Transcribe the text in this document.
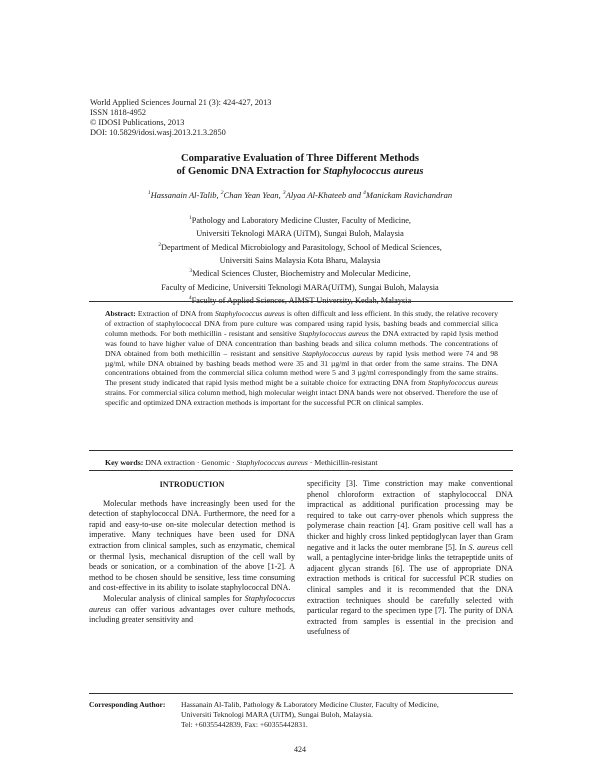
World Applied Sciences Journal 21 (3): 424-427, 2013
ISSN 1818-4952
© IDOSI Publications, 2013
DOI: 10.5829/idosi.wasj.2013.21.3.2850
Comparative Evaluation of Three Different Methods
of Genomic DNA Extraction for Staphylococcus aureus
$^1$Hassanain Al-Talib, $^2$Chan Yean Yean, $^3$Alyaa Al-Khateeb and $^4$Manickam Ravichandran
$^1$Pathology and Laboratory Medicine Cluster, Faculty of Medicine,
Universiti Teknologi MARA (UiTM), Sungai Buloh, Malaysia
$^2$Department of Medical Microbiology and Parasitology, School of Medical Sciences,
Universiti Sains Malaysia Kota Bharu, Malaysia
$^3$Medical Sciences Cluster, Biochemistry and Molecular Medicine,
Faculty of Medicine, Universiti Teknologi MARA(UiTM), Sungai Buloh, Malaysia
$^4$Faculty of Applied Sciences, AIMST University, Kedah, Malaysia
Abstract: Extraction of DNA from Staphylococcus aureus is often difficult and less efficient. In this study, the relative recovery of extraction of staphylococcal DNA from pure culture was compared using rapid lysis, bashing beads and commercial silica column methods. For both methicillin - resistant and sensitive Staphylococcus aureus the DNA extracted by rapid lysis method was found to have higher value of DNA concentration than bashing beads and silica column methods. The concentrations of DNA obtained from both methicillin – resistant and sensitive Staphylococcus aureus by rapid lysis method were 74 and 98 µg/ml, while DNA obtained by bashing beads method were 35 and 31 µg/ml in that order from the same strains. The DNA concentrations obtained from the commercial silica column method were 5 and 3 µg/ml correspondingly from the same strains. The present study indicated that rapid lysis method might be a suitable choice for extracting DNA from Staphylococcus aureus strains. For commercial silica column method, high molecular weight intact DNA bands were not observed. Therefore the use of specific and optimized DNA extraction methods is important for the successful PCR on clinical samples.
Key words: DNA extraction · Genomic · Staphylococcus aureus · Methicillin-resistant
INTRODUCTION

Molecular methods have increasingly been used for the detection of staphylococcal DNA. Furthermore, the need for a rapid and easy-to-use on-site molecular detection method is imperative. Many techniques have been used for DNA extraction from clinical samples, such as enzymatic, chemical or thermal lysis, mechanical disruption of the cell wall by beads or sonication, or a combination of the above [1-2]. A method to be chosen should be sensitive, less time consuming and cost-effective in its ability to isolate staphylococcal DNA.

Molecular analysis of clinical samples for Staphylococcus aureus can offer various advantages over culture methods, including greater sensitivity and

specificity [3]. Time constriction may make conventional phenol chloroform extraction of staphylococcal DNA impractical as additional purification processing may be required to take out carry-over phenols which suppress the polymerase chain reaction [4]. Gram positive cell wall has a thicker and highly cross linked peptidoglycan layer than Gram negative and it lacks the outer membrane [5]. In S. aureus cell wall, a pentaglycine inter-bridge links the tetrapeptide units of adjacent glycan strands [6]. The use of appropriate DNA extraction methods is critical for successful PCR studies on clinical samples and it is recommended that the DNA extraction techniques should be carefully selected with particular regard to the specimen type [7]. The purity of DNA extracted from samples is essential in the precision and usefulness of

Corresponding Author: Hassanain Al-Talib, Pathology & Laboratory Medicine Cluster, Faculty of Medicine,
Universiti Teknologi MARA (UiTM), Sungai Buloh, Malaysia.
Tel: +60355442839, Fax: +60355442831.
424
